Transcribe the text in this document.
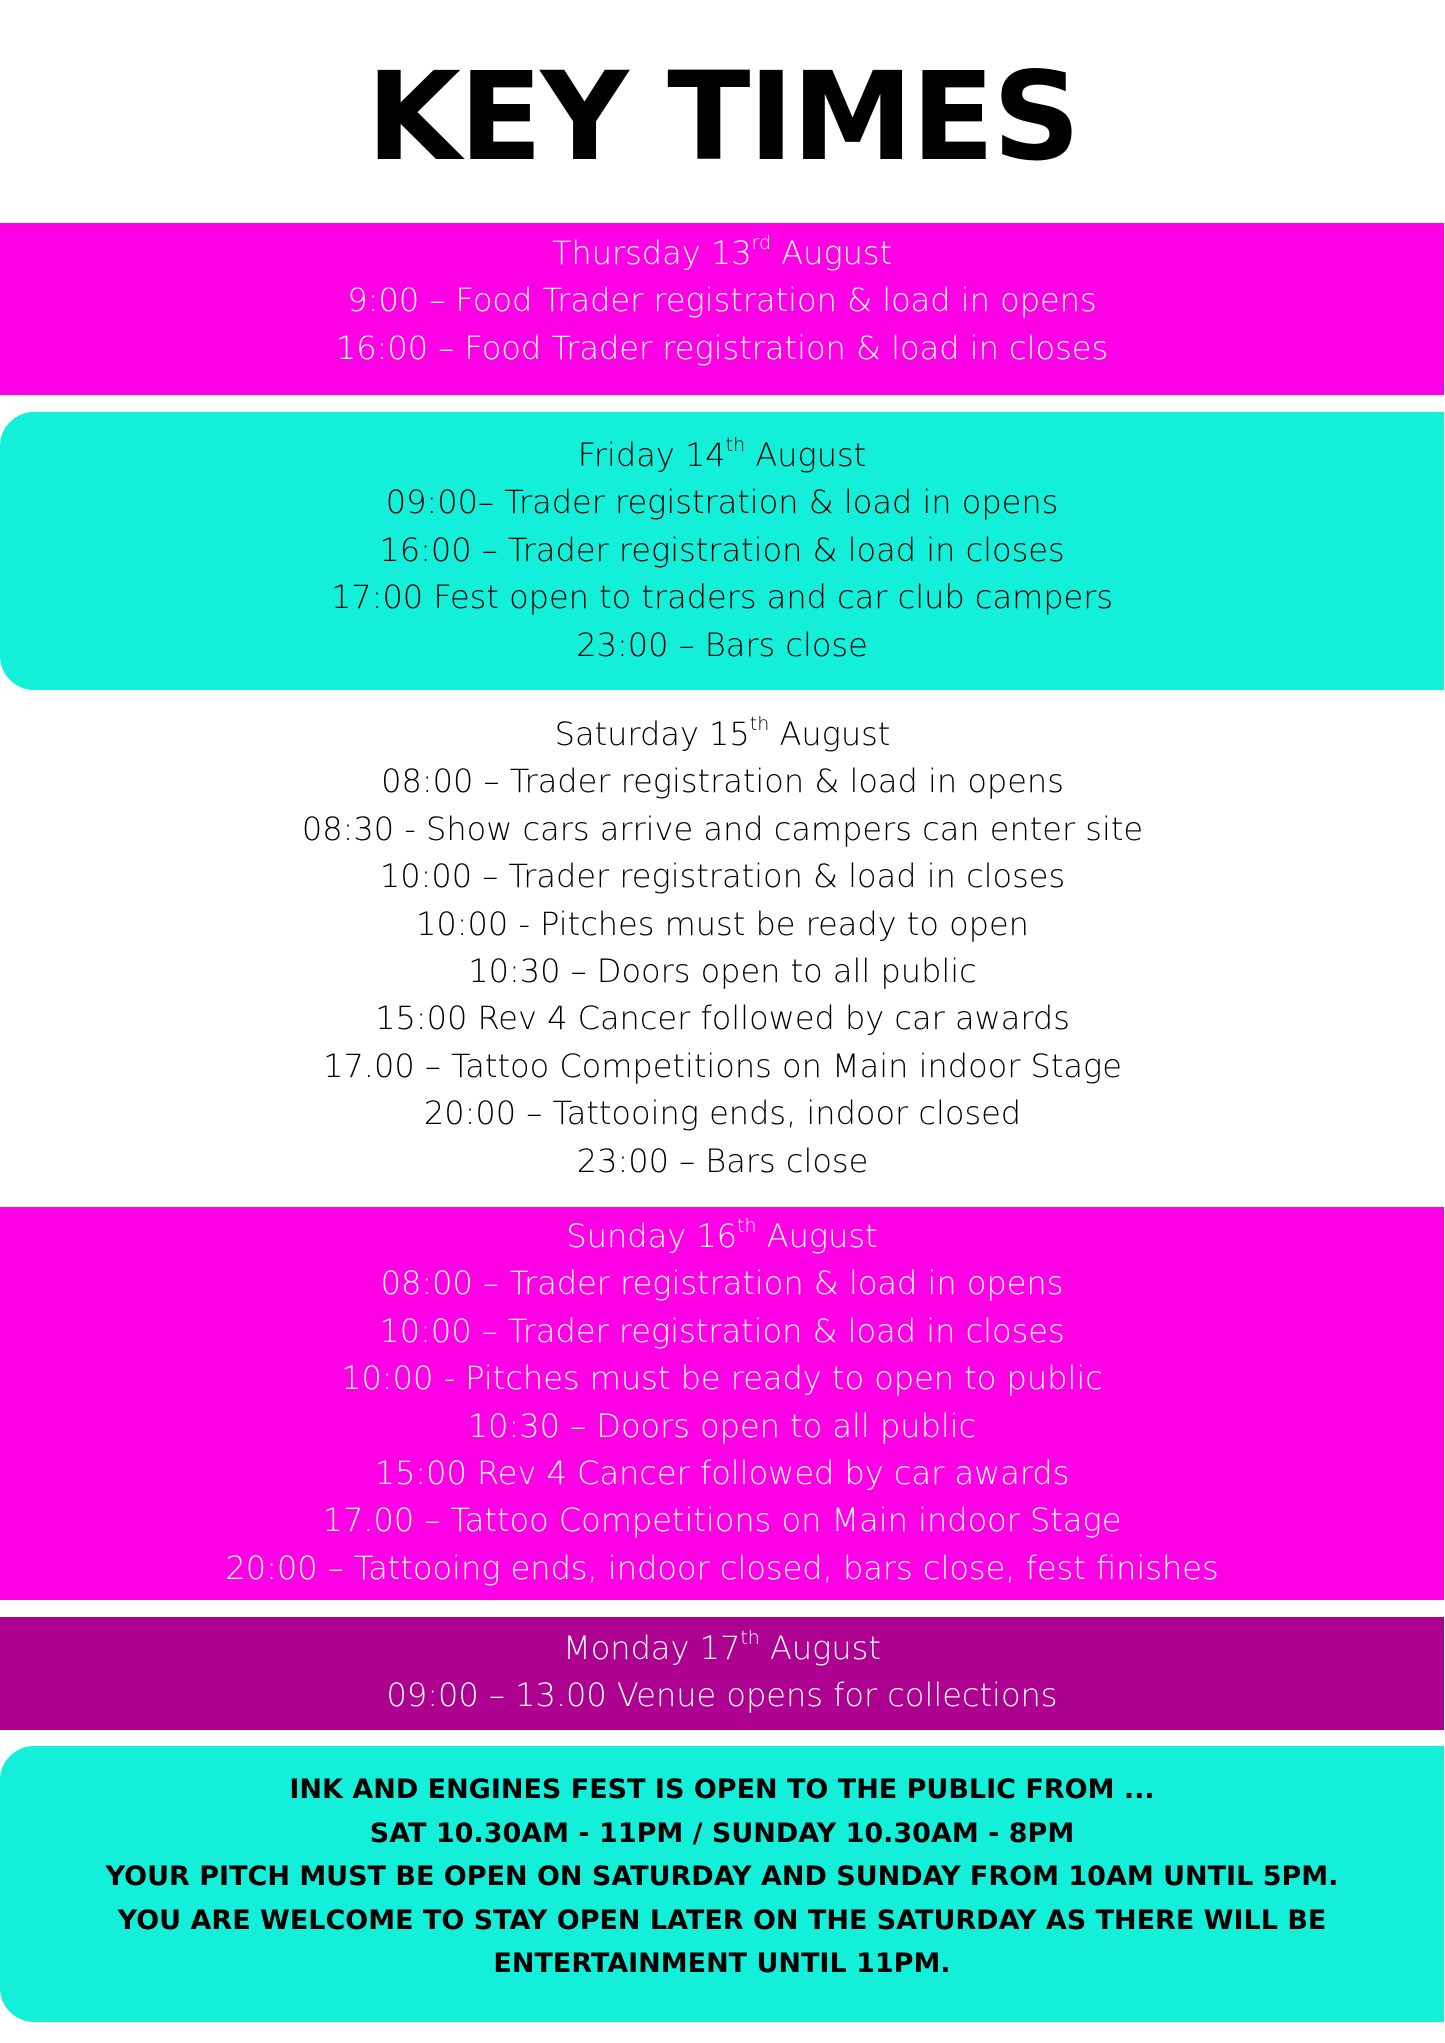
KEY TIMES
Thursday 13rd August
9:00 – Food Trader registration & load in opens
16:00 – Food Trader registration & load in closes
Friday 14th August
09:00– Trader registration & load in opens
16:00 – Trader registration & load in closes
17:00 Fest open to traders and car club campers
23:00 – Bars close
Saturday 15th August
08:00 – Trader registration & load in opens
08:30 - Show cars arrive and campers can enter site
10:00 – Trader registration & load in closes
10:00 - Pitches must be ready to open
10:30 – Doors open to all public
15:00 Rev 4 Cancer followed by car awards
17.00 – Tattoo Competitions on Main indoor Stage
20:00 – Tattooing ends, indoor closed
23:00 – Bars close
Sunday 16th August
08:00 – Trader registration & load in opens
10:00 – Trader registration & load in closes
10:00 - Pitches must be ready to open to public
10:30 – Doors open to all public
15:00 Rev 4 Cancer followed by car awards
17.00 – Tattoo Competitions on Main indoor Stage
20:00 – Tattooing ends, indoor closed, bars close, fest finishes
Monday 17th August
09:00 – 13.00 Venue opens for collections
INK AND ENGINES FEST IS OPEN TO THE PUBLIC FROM ...
SAT 10.30AM - 11PM / SUNDAY 10.30AM - 8PM
YOUR PITCH MUST BE OPEN ON SATURDAY AND SUNDAY FROM 10AM UNTIL 5PM.
YOU ARE WELCOME TO STAY OPEN LATER ON THE SATURDAY AS THERE WILL BE
ENTERTAINMENT UNTIL 11PM.
